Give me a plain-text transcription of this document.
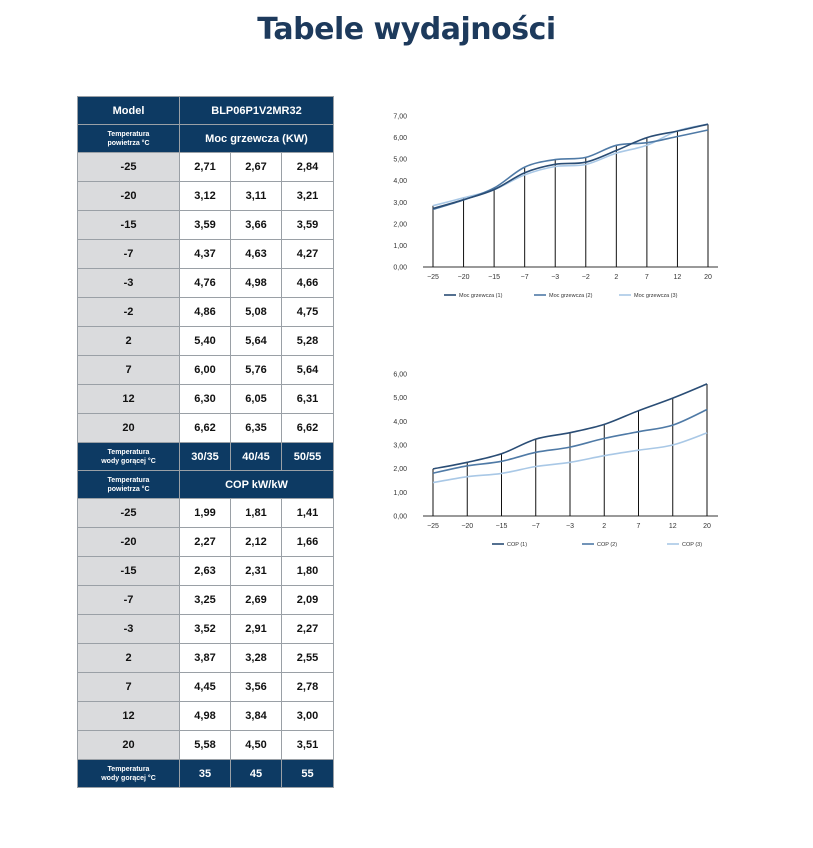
Tabele wydajności
Model	BLP06P1V2MR32		
Temperatura
powietrza °C	Moc grzewcza (KW)		
-25	2,71	2,67	2,84
-20	3,12	3,11	3,21
-15	3,59	3,66	3,59
-7	4,37	4,63	4,27
-3	4,76	4,98	4,66
-2	4,86	5,08	4,75
2	5,40	5,64	5,28
7	6,00	5,76	5,64
12	6,30	6,05	6,31
20	6,62	6,35	6,62
Temperatura
wody gorącej °C	30/35	40/45	50/55
Temperatura
powietrza °C	COP kW/kW		
-25	1,99	1,81	1,41
-20	2,27	2,12	1,66
-15	2,63	2,31	1,80
-7	3,25	2,69	2,09
-3	3,52	2,91	2,27
2	3,87	3,28	2,55
7	4,45	3,56	2,78
12	4,98	3,84	3,00
20	5,58	4,50	3,51
Temperatura
wody gorącej °C	35	45	55
0,00
1,00
2,00
3,00
4,00
5,00
6,00
7,00
−25	−20	−15	−7	−3	−2	2	7	12	20
Moc grzewcza (1)	Moc grzewcza (2)	Moc grzewcza (3)
0,00
1,00
2,00
3,00
4,00
5,00
6,00
−25	−20	−15	−7	−3	2	7	12	20
COP (1)	COP (2)	COP (3)
